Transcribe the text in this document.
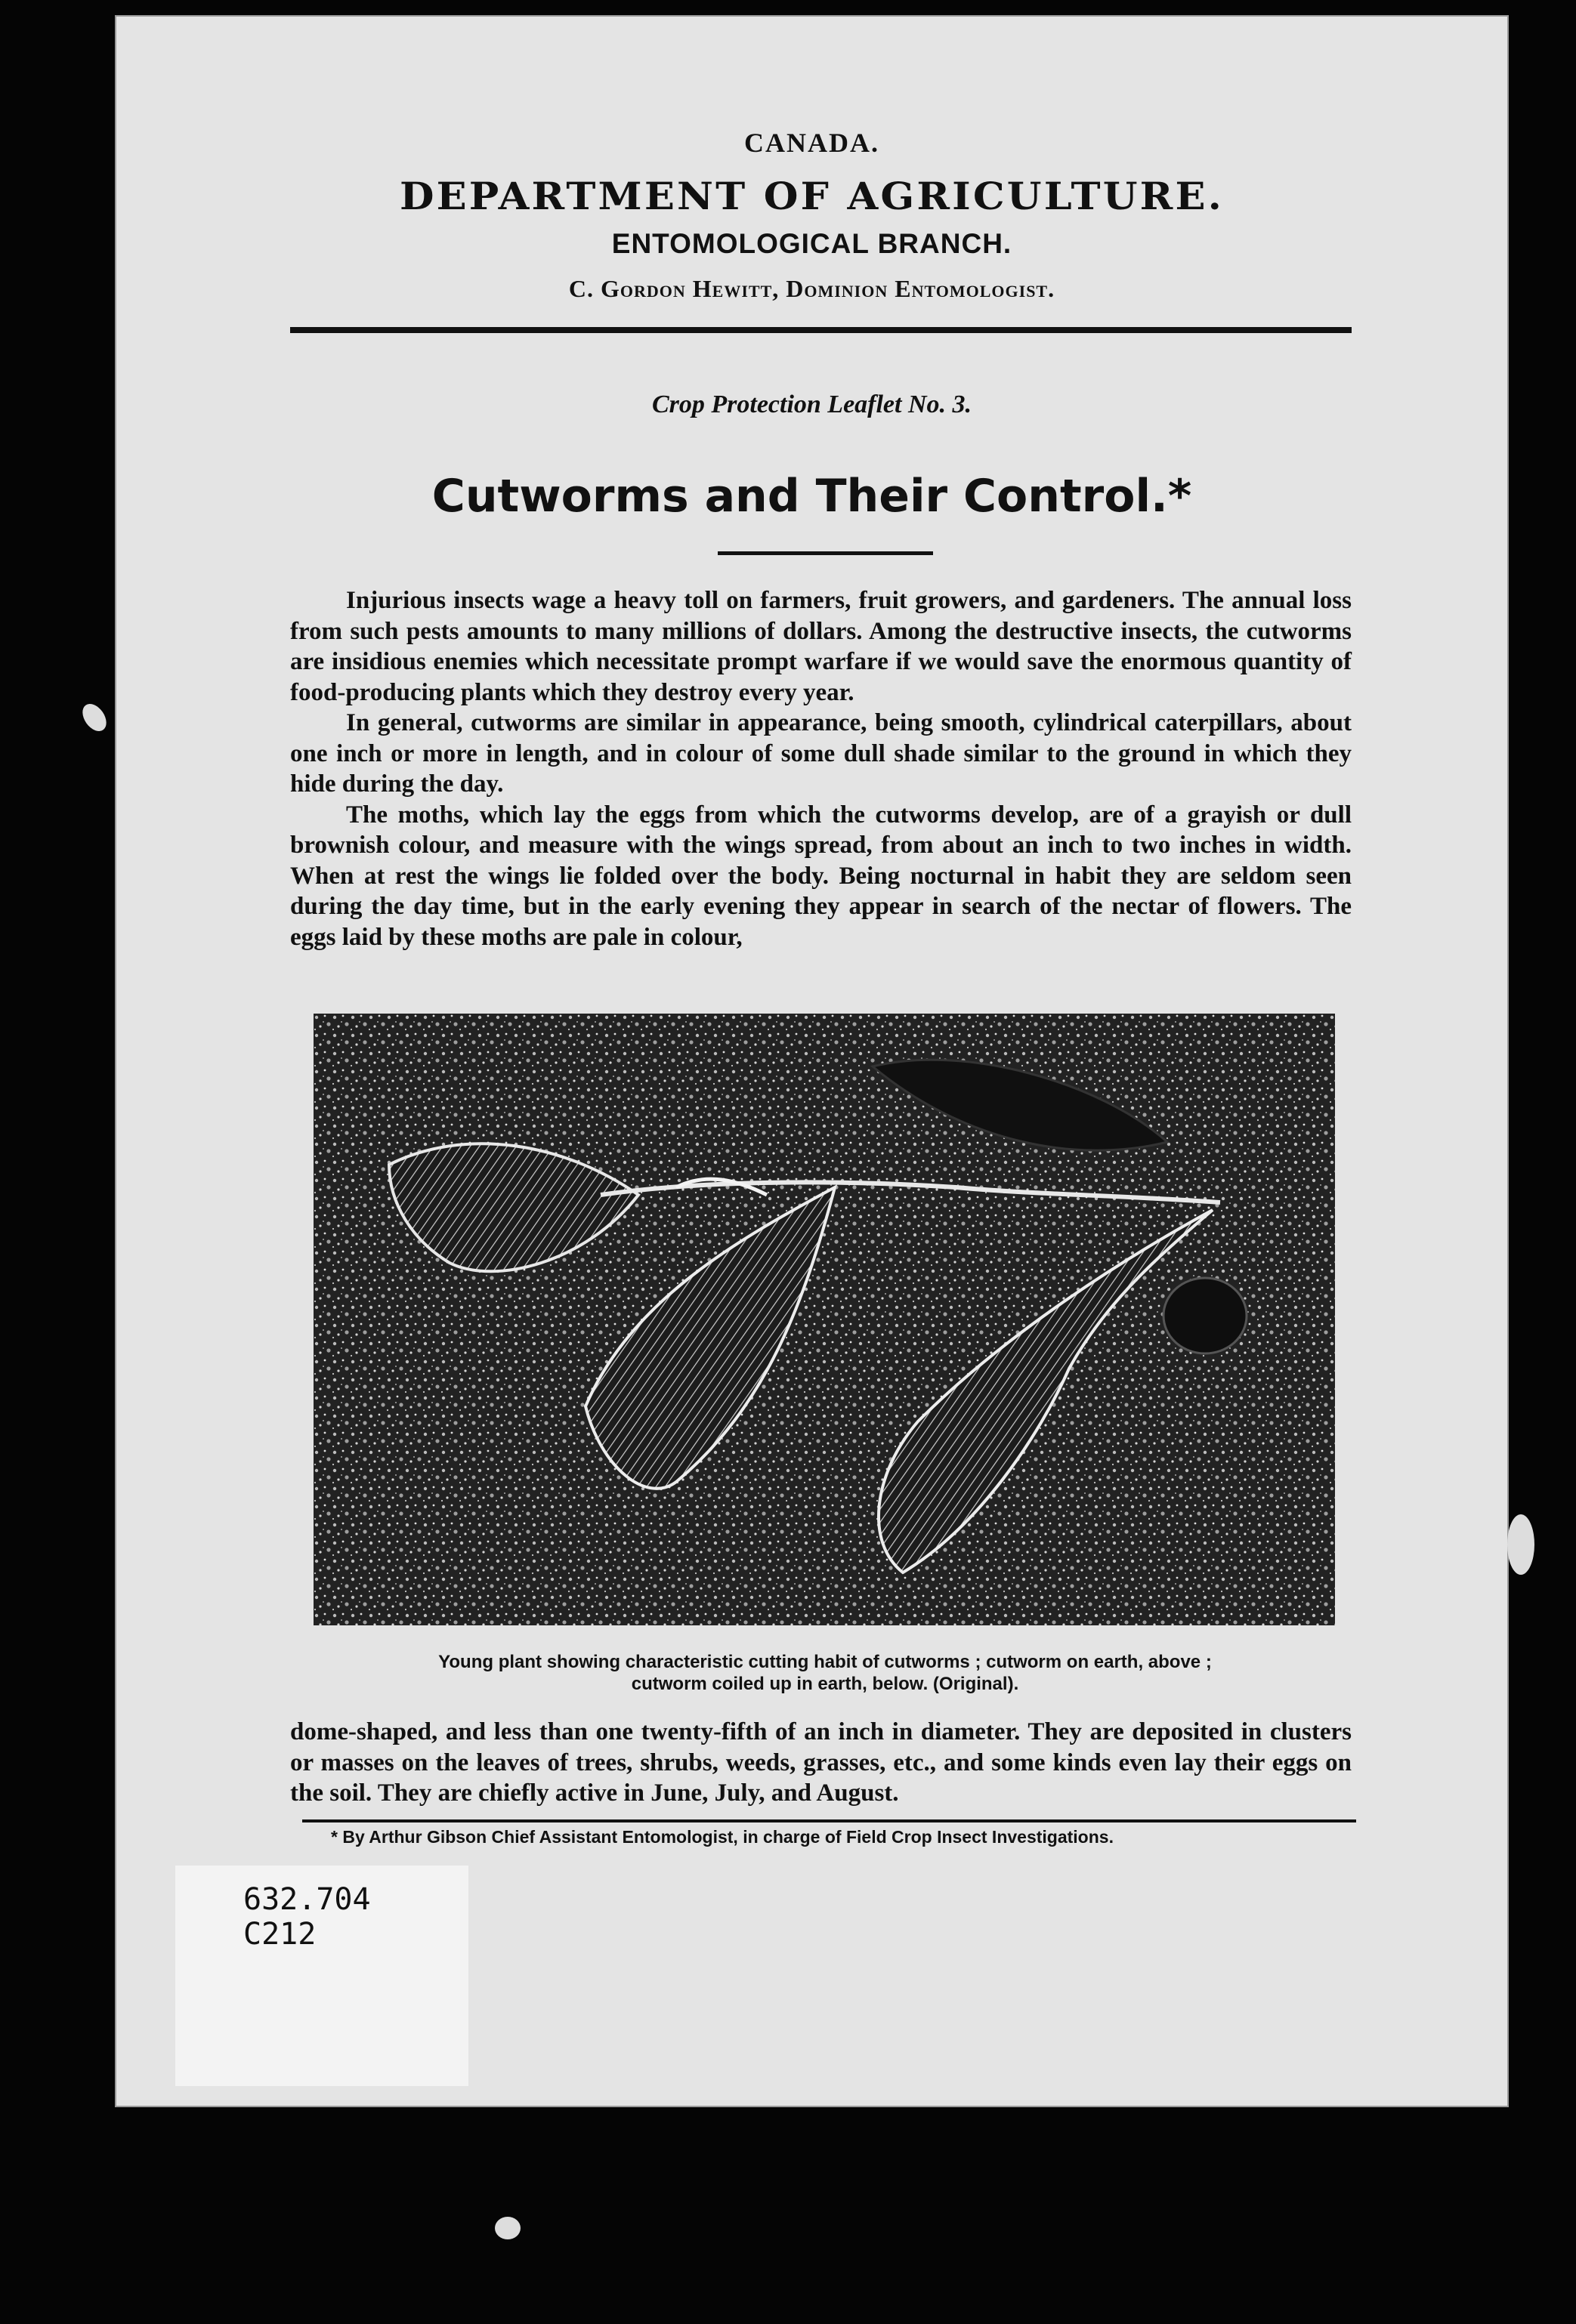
CANADA.
DEPARTMENT OF AGRICULTURE.
ENTOMOLOGICAL BRANCH.
C. Gordon Hewitt, Dominion Entomologist.
Crop Protection Leaflet No. 3.
Cutworms and Their Control.*

Injurious insects wage a heavy toll on farmers, fruit growers, and gardeners. The annual loss from such pests amounts to many millions of dollars. Among the destructive insects, the cutworms are insidious enemies which necessitate prompt warfare if we would save the enormous quantity of food-producing plants which they destroy every year.

In general, cutworms are similar in appearance, being smooth, cylindrical caterpillars, about one inch or more in length, and in colour of some dull shade similar to the ground in which they hide during the day.

The moths, which lay the eggs from which the cutworms develop, are of a grayish or dull brownish colour, and measure with the wings spread, from about an inch to two inches in width. When at rest the wings lie folded over the body. Being nocturnal in habit they are seldom seen during the day time, but in the early evening they appear in search of the nectar of flowers. The eggs laid by these moths are pale in colour,

Young plant showing characteristic cutting habit of cutworms ; cutworm on earth, above ;
cutworm coiled up in earth, below. (Original).

dome-shaped, and less than one twenty-fifth of an inch in diameter. They are deposited in clusters or masses on the leaves of trees, shrubs, weeds, grasses, etc., and some kinds even lay their eggs on the soil. They are chiefly active in June, July, and August.

* By Arthur Gibson Chief Assistant Entomologist, in charge of Field Crop Insect Investigations.
632.704
C212
